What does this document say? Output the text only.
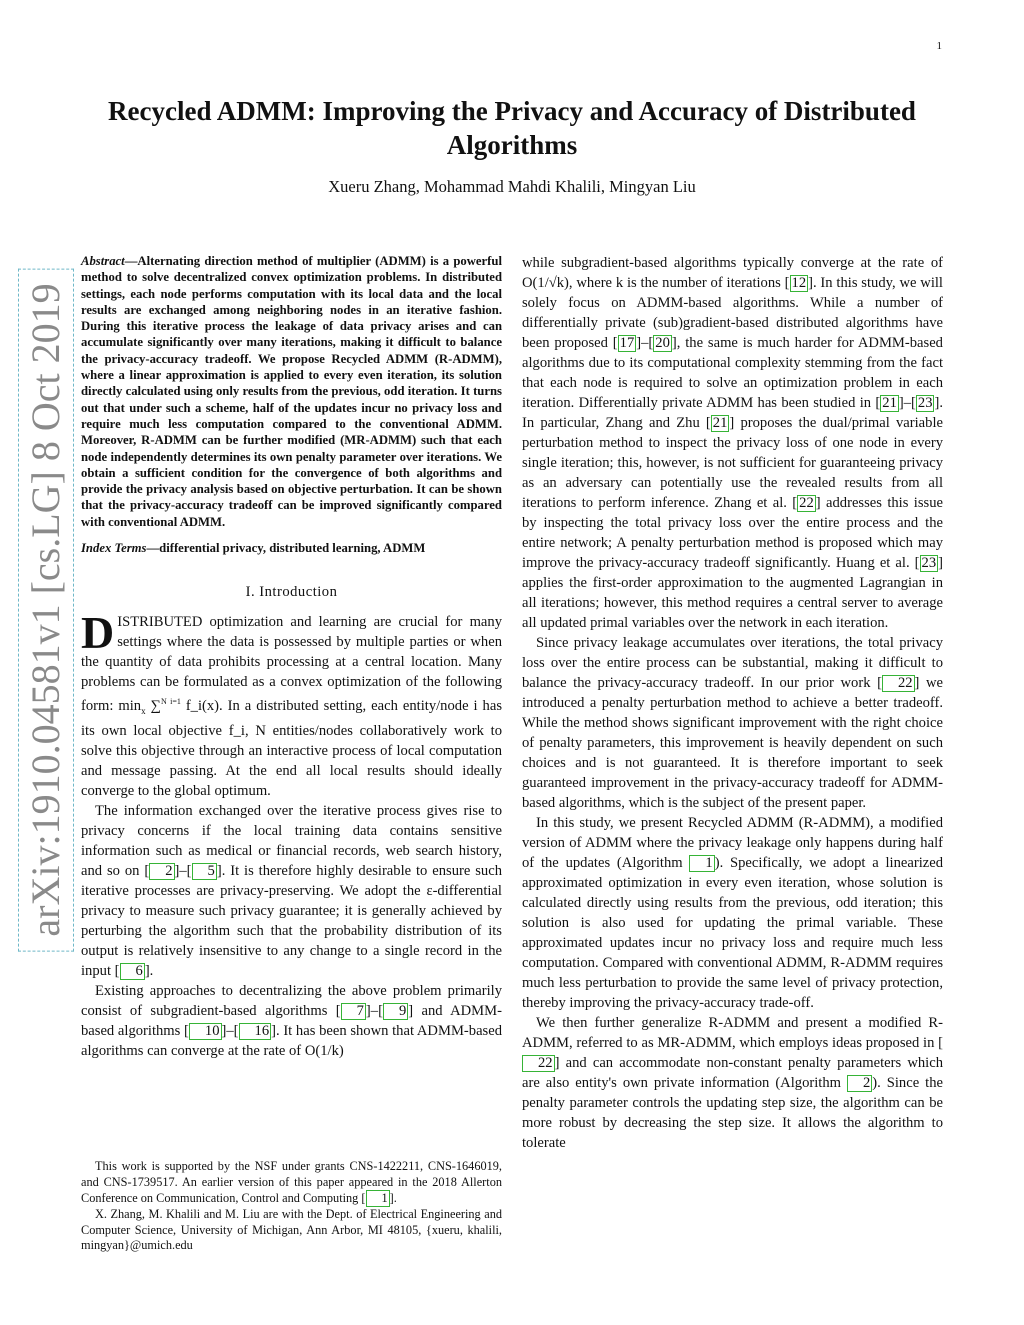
1
arXiv:1910.04581v1 [cs.LG] 8 Oct 2019
Recycled ADMM: Improving the Privacy and Accuracy of Distributed Algorithms
Xueru Zhang, Mohammad Mahdi Khalili, Mingyan Liu
Abstract—Alternating direction method of multiplier (ADMM) is a powerful method to solve decentralized convex optimization problems. In distributed settings, each node performs computation with its local data and the local results are exchanged among neighboring nodes in an iterative fashion. During this iterative process the leakage of data privacy arises and can accumulate significantly over many iterations, making it difficult to balance the privacy-accuracy tradeoff. We propose Recycled ADMM (R-ADMM), where a linear approximation is applied to every even iteration, its solution directly calculated using only results from the previous, odd iteration. It turns out that under such a scheme, half of the updates incur no privacy loss and require much less computation compared to the conventional ADMM. Moreover, R-ADMM can be further modified (MR-ADMM) such that each node independently determines its own penalty parameter over iterations. We obtain a sufficient condition for the convergence of both algorithms and provide the privacy analysis based on objective perturbation. It can be shown that the privacy-accuracy tradeoff can be improved significantly compared with conventional ADMM.
Index Terms—differential privacy, distributed learning, ADMM
I. Introduction

DISTRIBUTED optimization and learning are crucial for many settings where the data is possessed by multiple parties or when the quantity of data prohibits processing at a central location. Many problems can be formulated as a convex optimization of the following form: $\min_x \sum^{N i=1}$ f_i(x). In a distributed setting, each entity/node i has its own local objective f_i, N entities/nodes collaboratively work to solve this objective through an interactive process of local computation and message passing. At the end all local results should ideally converge to the global optimum.

The information exchanged over the iterative process gives rise to privacy concerns if the local training data contains sensitive information such as medical or financial records, web search history, and so on [ 2 ]–[ 5 ]. It is therefore highly desirable to ensure such iterative processes are privacy-preserving. We adopt the ε-differential privacy to measure such privacy guarantee; it is generally achieved by perturbing the algorithm such that the probability distribution of its output is relatively insensitive to any change to a single record in the input [ 6 ].

Existing approaches to decentralizing the above problem primarily consist of subgradient-based algorithms [ 7 ]–[ 9 ] and ADMM-based algorithms [ 10 ]–[ 16 ]. It has been shown that ADMM-based algorithms can converge at the rate of O(1/k)

This work is supported by the NSF under grants CNS-1422211, CNS-1646019, and CNS-1739517. An earlier version of this paper appeared in the 2018 Allerton Conference on Communication, Control and Computing [ 1 ].

X. Zhang, M. Khalili and M. Liu are with the Dept. of Electrical Engineering and Computer Science, University of Michigan, Ann Arbor, MI 48105, {xueru, khalili, mingyan}@umich.edu

while subgradient-based algorithms typically converge at the rate of O(1/√k), where k is the number of iterations [ 12 ]. In this study, we will solely focus on ADMM-based algorithms. While a number of differentially private (sub)gradient-based distributed algorithms have been proposed [ 17 ]–[ 20 ], the same is much harder for ADMM-based algorithms due to its computational complexity stemming from the fact that each node is required to solve an optimization problem in each iteration. Differentially private ADMM has been studied in [ 21 ]–[ 23 ]. In particular, Zhang and Zhu [ 21 ] proposes the dual/primal variable perturbation method to inspect the privacy loss of one node in every single iteration; this, however, is not sufficient for guaranteeing privacy as an adversary can potentially use the revealed results from all iterations to perform inference. Zhang et al. [ 22 ] addresses this issue by inspecting the total privacy loss over the entire process and the entire network; A penalty perturbation method is proposed which may improve the privacy-accuracy tradeoff significantly. Huang et al. [ 23 ] applies the first-order approximation to the augmented Lagrangian in all iterations; however, this method requires a central server to average all updated primal variables over the network in each iteration.

Since privacy leakage accumulates over iterations, the total privacy loss over the entire process can be substantial, making it difficult to balance the privacy-accuracy tradeoff. In our prior work [ 22 ] we introduced a penalty perturbation method to achieve a better tradeoff. While the method shows significant improvement with the right choice of penalty parameters, this improvement is heavily dependent on such choices and is not guaranteed. It is therefore important to seek guaranteed improvement in the privacy-accuracy tradeoff for ADMM-based algorithms, which is the subject of the present paper.

In this study, we present Recycled ADMM (R-ADMM), a modified version of ADMM where the privacy leakage only happens during half of the updates (Algorithm 1 ). Specifically, we adopt a linearized approximated optimization in every even iteration, whose solution is calculated directly using results from the previous, odd iteration; this solution is also used for updating the primal variable. These approximated updates incur no privacy loss and require much less computation. Compared with conventional ADMM, R-ADMM requires much less perturbation to provide the same level of privacy protection, thereby improving the privacy-accuracy trade-off.

We then further generalize R-ADMM and present a modified R-ADMM, referred to as MR-ADMM, which employs ideas proposed in [22 ] and can accommodate non-constant penalty parameters which are also entity's own private information (Algorithm 2 ). Since the penalty parameter controls the updating step size, the algorithm can be more robust by decreasing the step size. It allows the algorithm to tolerate
